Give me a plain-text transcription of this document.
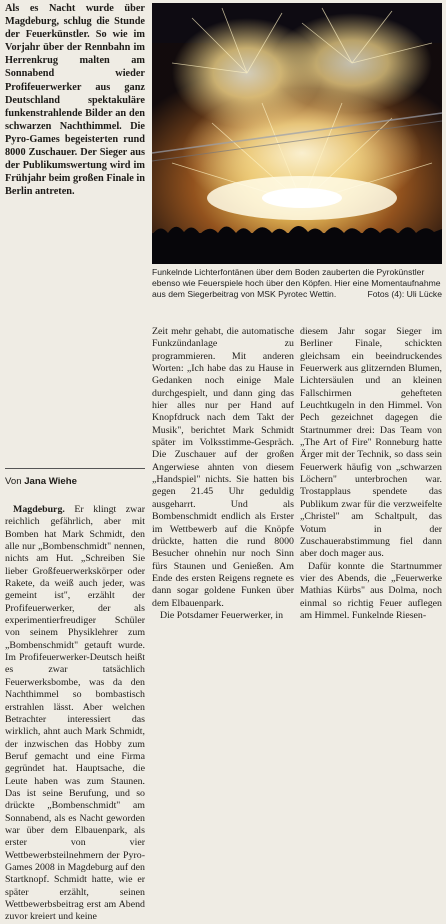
Als es Nacht wurde über Magdeburg, schlug die Stunde der Feuerkünstler. So wie im Vorjahr über der Rennbahn im Herrenkrug malten am Sonnabend wieder Profifeuerwerker aus ganz Deutschland spektakuläre funkenstrahlende Bilder an den schwarzen Nachthimmel. Die Pyro-Games begeisterten rund 8000 Zuschauer. Der Sieger aus der Publikumswertung wird im Frühjahr beim großen Finale in Berlin antreten.
Von Jana Wiehe
Magdeburg. Er klingt zwar reichlich gefährlich, aber mit Bomben hat Mark Schmidt, den alle nur „Bombenschmidt" nennen, nichts am Hut. „Schreiben Sie lieber Großfeuerwerkskörper oder Rakete, da weiß auch jeder, was gemeint ist", erzählt der Profifeuerwerker, der als experimentierfreudiger Schüler von seinem Physiklehrer zum „Bombenschmidt" getauft wurde. Im Profifeuerwerker-Deutsch heißt es zwar tatsächlich Feuerwerksbombe, was da den Nachthimmel so bombastisch erstrahlen lässt. Aber welchen Betrachter interessiert das wirklich, ahnt auch Mark Schmidt, der inzwischen das Hobby zum Beruf gemacht und eine Firma gegründet hat. Hauptsache, die Leute haben was zum Staunen. Das ist seine Berufung, und so drückte „Bombenschmidt" am Sonnabend, als es Nacht geworden war über dem Elbauenpark, als erster von vier Wettbewerbsteilnehmern der Pyro-Games 2008 in Magdeburg auf den Startknopf. Schmidt hatte, wie er später erzählt, seinen Wettbewerbsbeitrag erst am Abend zuvor kreiert und keine
Funkelnde Lichterfontänen über dem Boden zauberten die Pyrokünstler ebenso wie Feuerspiele hoch über den Köpfen. Hier eine Momentaufnahme aus dem Siegerbeitrag von MSK Pyrotec Wettin.	Fotos (4): Uli Lücke
Zeit mehr gehabt, die automatische Funkzündanlage zu programmieren. Mit anderen Worten: „Ich habe das zu Hause in Gedanken noch einige Male durchgespielt, und dann ging das hier alles nur per Hand auf Knopfdruck nach dem Takt der Musik", berichtet Mark Schmidt später im Volksstimme-Gespräch. Die Zuschauer auf der großen Angerwiese ahnten von diesem „Handspiel" nichts. Sie hatten bis gegen 21.45 Uhr geduldig ausgeharrt. Und als Bombenschmidt endlich als Erster im Wettbewerb auf die Knöpfe drückte, hatten die rund 8000 Besucher ohnehin nur noch Sinn fürs Staunen und Genießen. Am Ende des ersten Reigens regnete es dann sogar goldene Funken über dem Elbauenpark.
Die Potsdamer Feuerwerker, in
diesem Jahr sogar Sieger im Berliner Finale, schickten gleichsam ein beeindruckendes Feuerwerk aus glitzernden Blumen, Lichtersäulen und an kleinen Fallschirmen gehefteten Leuchtkugeln in den Himmel. Von Pech gezeichnet dagegen die Startnummer drei: Das Team von „The Art of Fire" Ronneburg hatte Ärger mit der Technik, so dass sein Feuerwerk häufig von „schwarzen Löchern" unterbrochen war. Trostapplaus spendete das Publikum zwar für die verzweifelte „Christel" am Schaltpult, das Votum in der Zuschauerabstimmung fiel dann aber doch mager aus.
Dafür konnte die Startnummer vier des Abends, die „Feuerwerke Mathias Kürbs" aus Dolma, noch einmal so richtig Feuer auflegen am Himmel. Funkelnde Riesen-
